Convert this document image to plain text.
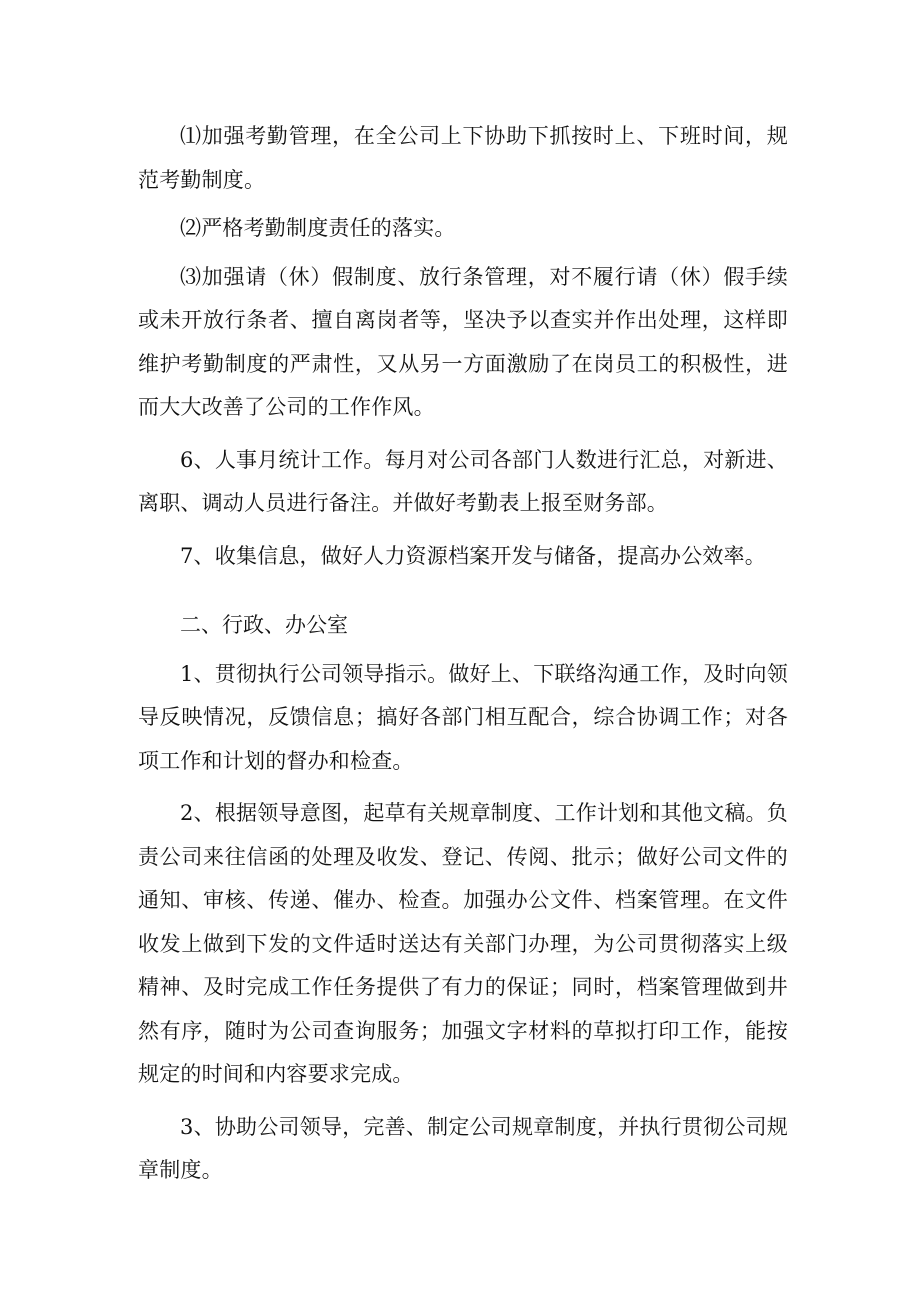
⑴加强考勤管理，在全公司上下协助下抓按时上、下班时间，规范考勤制度。

⑵严格考勤制度责任的落实。

⑶加强请（休）假制度、放行条管理，对不履行请（休）假手续或未开放行条者、擅自离岗者等，坚决予以查实并作出处理，这样即维护考勤制度的严肃性，又从另一方面激励了在岗员工的积极性，进而大大改善了公司的工作作风。

6、人事月统计工作。每月对公司各部门人数进行汇总，对新进、离职、调动人员进行备注。并做好考勤表上报至财务部。

7、收集信息，做好人力资源档案开发与储备，提高办公效率。

二、行政、办公室

1、贯彻执行公司领导指示。做好上、下联络沟通工作，及时向领导反映情况，反馈信息；搞好各部门相互配合，综合协调工作；对各项工作和计划的督办和检查。

2、根据领导意图，起草有关规章制度、工作计划和其他文稿。负责公司来往信函的处理及收发、登记、传阅、批示；做好公司文件的通知、审核、传递、催办、检查。加强办公文件、档案管理。在文件收发上做到下发的文件适时送达有关部门办理，为公司贯彻落实上级精神、及时完成工作任务提供了有力的保证；同时，档案管理做到井然有序，随时为公司查询服务；加强文字材料的草拟打印工作，能按规定的时间和内容要求完成。

3、协助公司领导，完善、制定公司规章制度，并执行贯彻公司规章制度。
